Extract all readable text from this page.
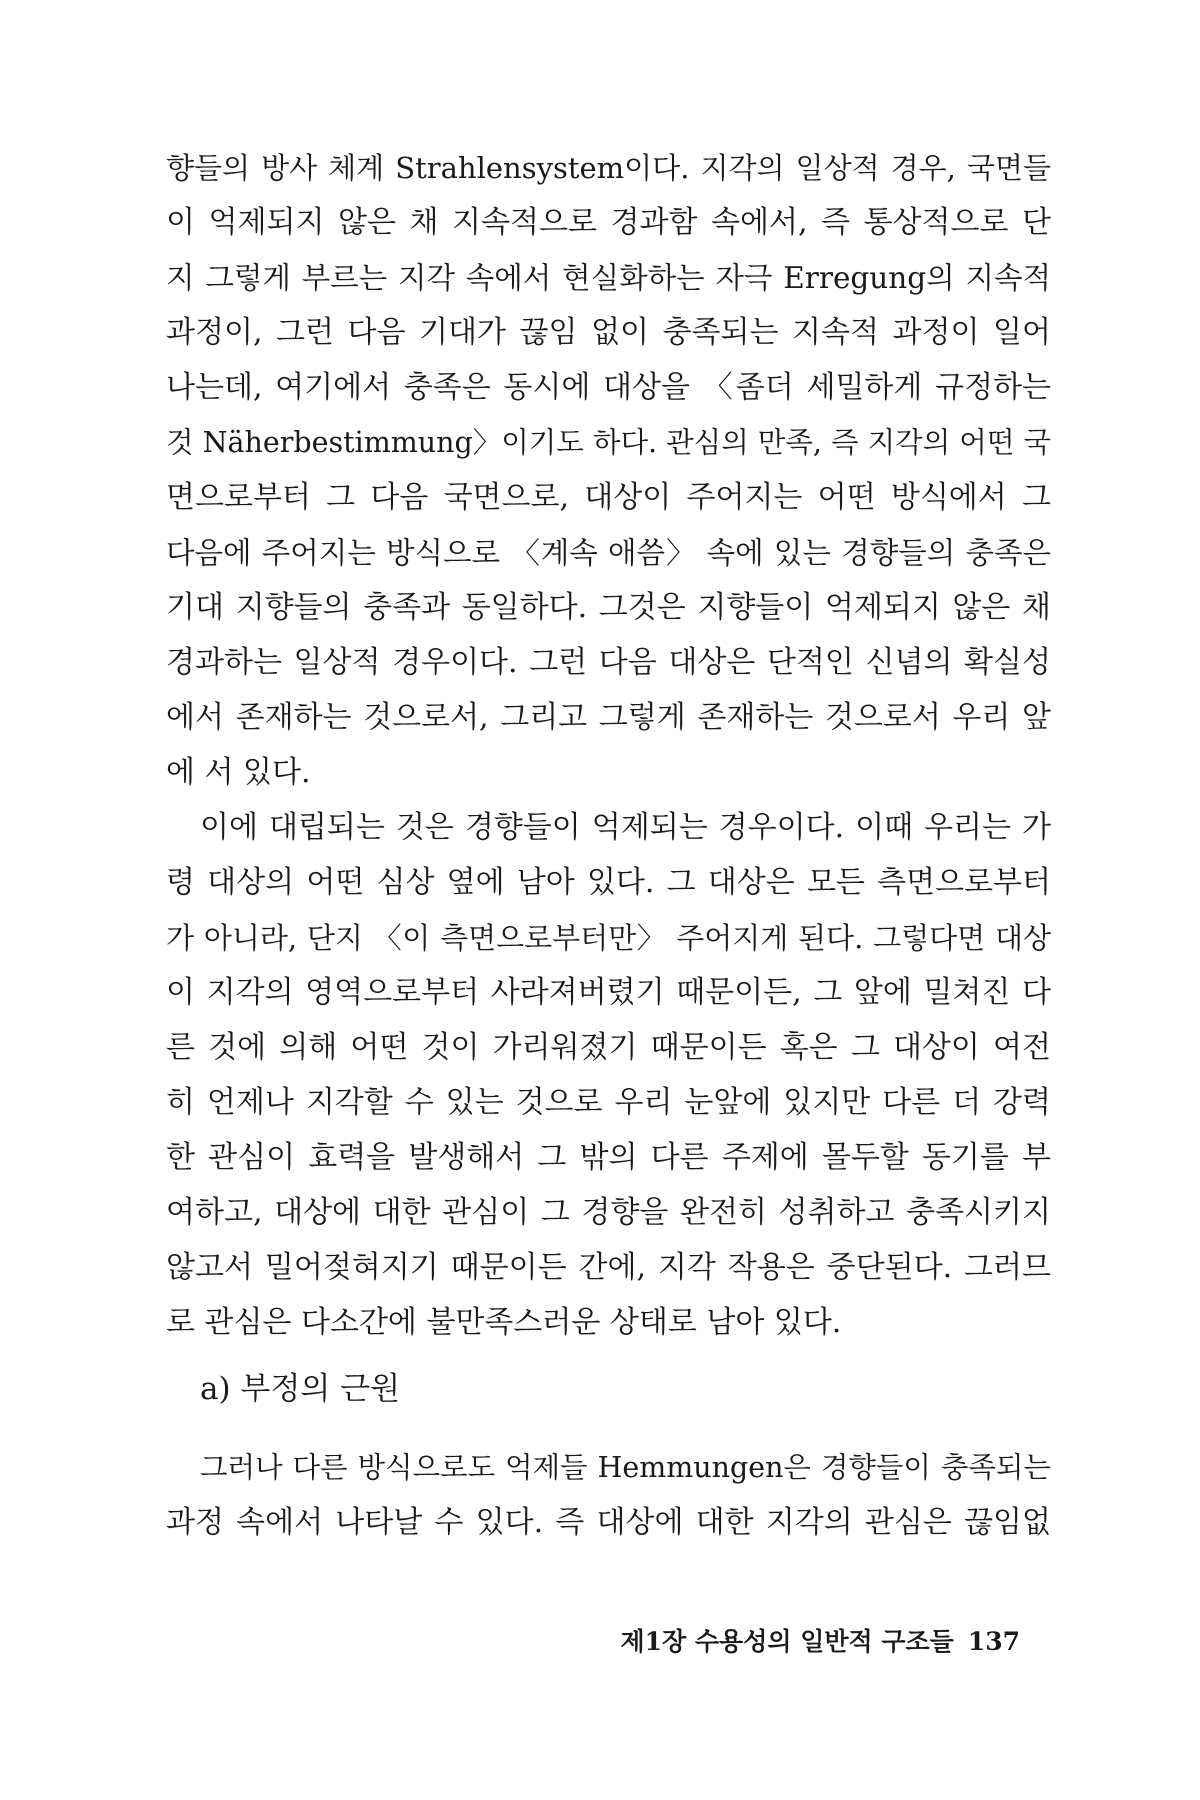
향들의 방사 체계 Strahlensystem이다. 지각의 일상적 경우, 국면들

이 억제되지 않은 채 지속적으로 경과함 속에서, 즉 통상적으로 단

지 그렇게 부르는 지각 속에서 현실화하는 자극 Erregung의 지속적

과정이, 그런 다음 기대가 끊임 없이 충족되는 지속적 과정이 일어

나는데, 여기에서 충족은 동시에 대상을 〈좀더 세밀하게 규정하는

것 Näherbestimmung〉이기도 하다. 관심의 만족, 즉 지각의 어떤 국

면으로부터 그 다음 국면으로, 대상이 주어지는 어떤 방식에서 그

다음에 주어지는 방식으로 〈계속 애씀〉 속에 있는 경향들의 충족은

기대 지향들의 충족과 동일하다. 그것은 지향들이 억제되지 않은 채

경과하는 일상적 경우이다. 그런 다음 대상은 단적인 신념의 확실성

에서 존재하는 것으로서, 그리고 그렇게 존재하는 것으로서 우리 앞

에 서 있다.

이에 대립되는 것은 경향들이 억제되는 경우이다. 이때 우리는 가

령 대상의 어떤 심상 옆에 남아 있다. 그 대상은 모든 측면으로부터

가 아니라, 단지 〈이 측면으로부터만〉 주어지게 된다. 그렇다면 대상

이 지각의 영역으로부터 사라져버렸기 때문이든, 그 앞에 밀쳐진 다

른 것에 의해 어떤 것이 가리워졌기 때문이든 혹은 그 대상이 여전

히 언제나 지각할 수 있는 것으로 우리 눈앞에 있지만 다른 더 강력

한 관심이 효력을 발생해서 그 밖의 다른 주제에 몰두할 동기를 부

여하고, 대상에 대한 관심이 그 경향을 완전히 성취하고 충족시키지

않고서 밀어젖혀지기 때문이든 간에, 지각 작용은 중단된다. 그러므

로 관심은 다소간에 불만족스러운 상태로 남아 있다.

a) 부정의 근원

그러나 다른 방식으로도 억제들 Hemmungen은 경향들이 충족되는

과정 속에서 나타날 수 있다. 즉 대상에 대한 지각의 관심은 끊임없

제1장 수용성의 일반적 구조들 137
